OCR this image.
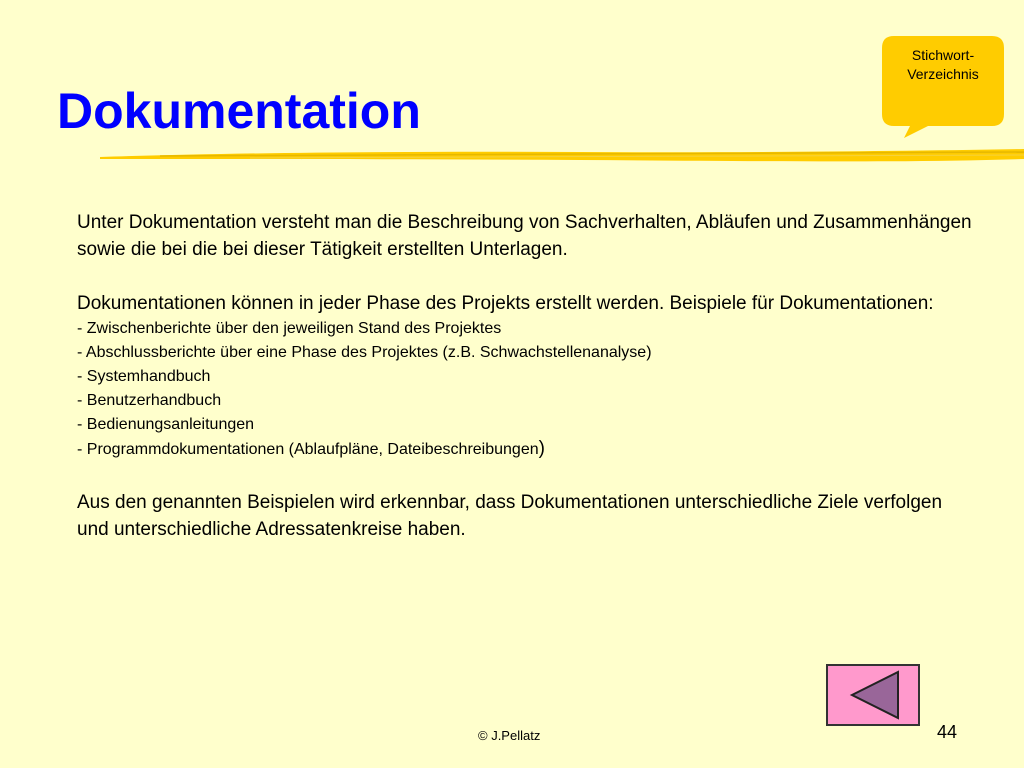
Dokumentation
Stichwort-
Verzeichnis

Unter Dokumentation versteht man die Beschreibung von Sachverhalten, Abläufen und Zusammenhängen sowie die bei die bei dieser Tätigkeit erstellten Unterlagen.

Dokumentationen können in jeder Phase des Projekts erstellt werden. Beispiele für Dokumentationen:

- Zwischenberichte über den jeweiligen Stand des Projektes
- Abschlussberichte über eine Phase des Projektes (z.B. Schwachstellenanalyse)
- Systemhandbuch
- Benutzerhandbuch
- Bedienungsanleitungen
- Programmdokumentationen (Ablaufpläne, Dateibeschreibungen)

Aus den genannten Beispielen wird erkennbar, dass Dokumentationen unterschiedliche Ziele verfolgen und unterschiedliche Adressatenkreise haben.

© J.Pellatz	44
